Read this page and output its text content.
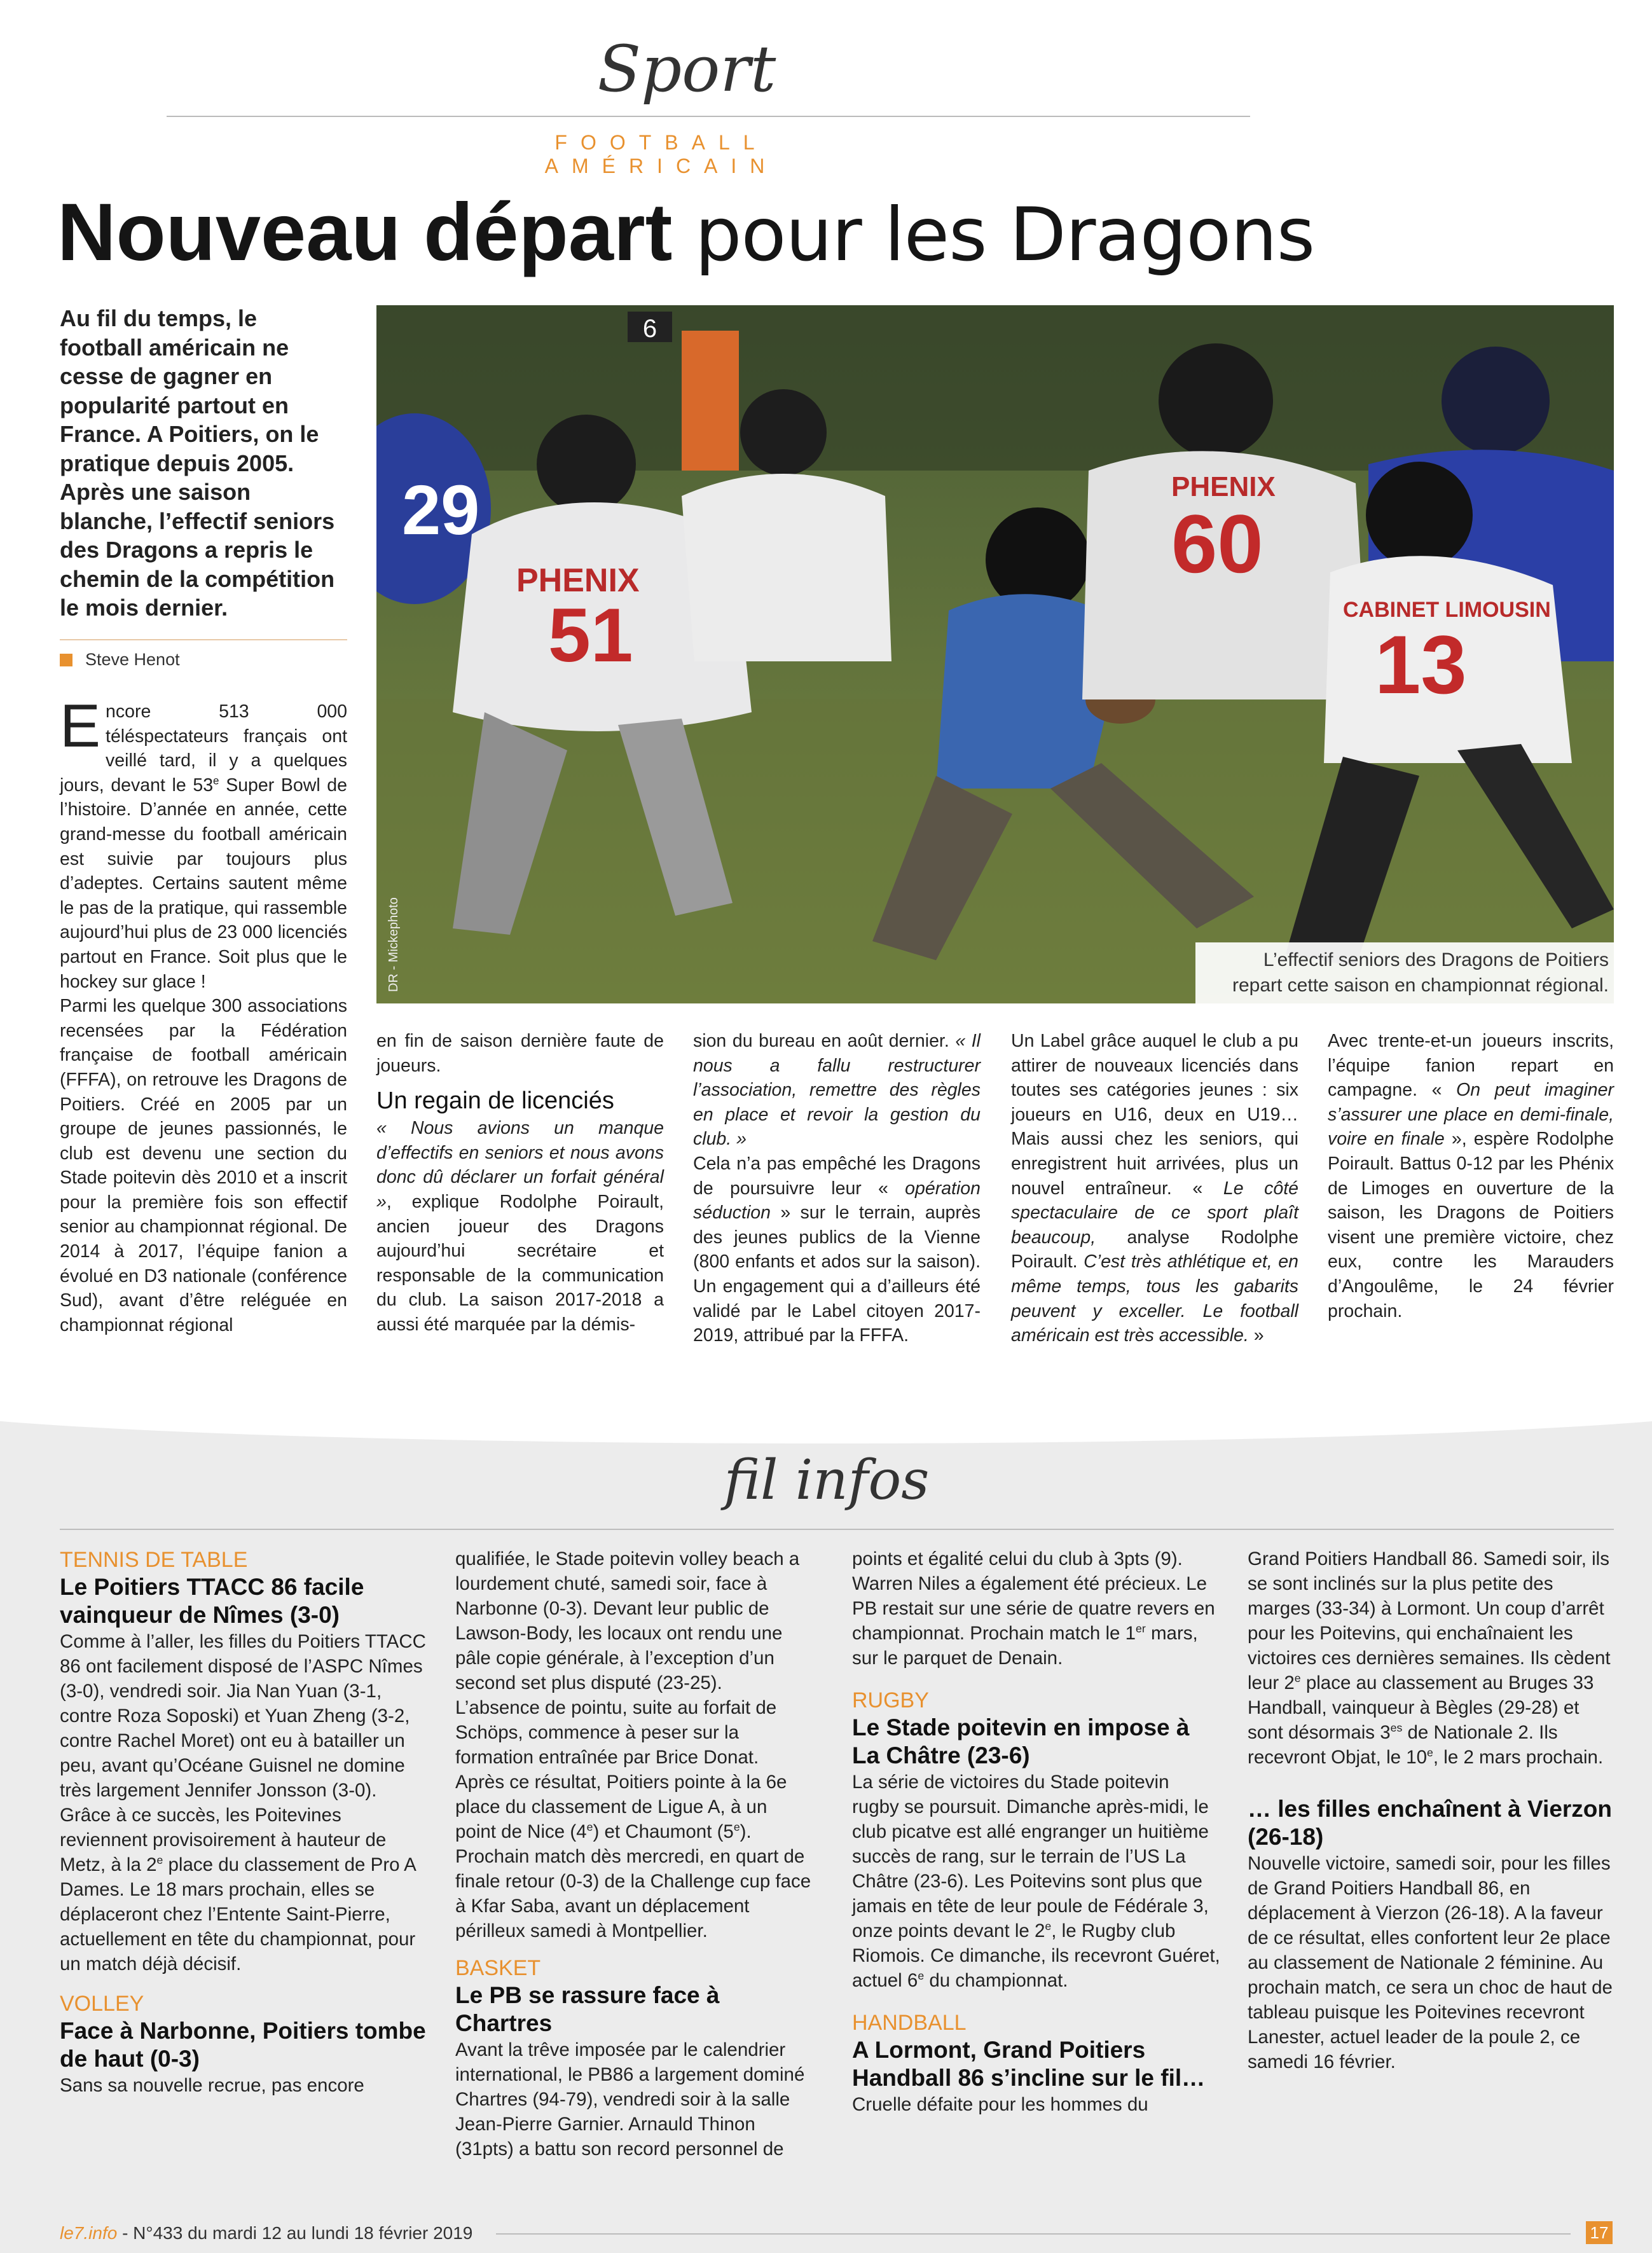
Sport
FOOTBALL AMÉRICAIN
Nouveau départ pour les Dragons
Au fil du temps, le football américain ne cesse de gagner en popularité partout en France. A Poitiers, on le pratique depuis 2005. Après une saison blanche, l’effectif seniors des Dragons a repris le chemin de la compétition le mois dernier.
Steve Henot
6
29
PHENIX
51
PHENIX
60
CABINET LIMOUSIN
13
DR - Mickephoto	L’effectif seniors des Dragons de Poitiers
repart cette saison en championnat régional.

Encore 513 000 téléspectateurs français ont veillé tard, il y a quelques jours, devant le 53e Super Bowl de l’histoire. D’année en année, cette grand-messe du football américain est suivie par toujours plus d’adeptes. Certains sautent même le pas de la pratique, qui rassemble aujourd’hui plus de 23 000 licenciés partout en France. Soit plus que le hockey sur glace !

Parmi les quelque 300 associations recensées par la Fédération française de football américain (FFFA), on retrouve les Dragons de Poitiers. Créé en 2005 par un groupe de jeunes passionnés, le club est devenu une section du Stade poitevin dès 2010 et a inscrit pour la première fois son effectif senior au championnat régional. De 2014 à 2017, l’équipe fanion a évolué en D3 nationale (conférence Sud), avant d’être reléguée en championnat régional

en fin de saison dernière faute de joueurs.

Un regain de licenciés

« Nous avions un manque d’effectifs en seniors et nous avons donc dû déclarer un forfait général », explique Rodolphe Poirault, ancien joueur des Dragons aujourd’hui secrétaire et responsable de la communication du club. La saison 2017-2018 a aussi été marquée par la démis-

sion du bureau en août dernier. « Il nous a fallu restructurer l’association, remettre des règles en place et revoir la gestion du club. »

Cela n’a pas empêché les Dragons de poursuivre leur « opération séduction » sur le terrain, auprès des jeunes publics de la Vienne (800 enfants et ados sur la saison). Un engagement qui a d’ailleurs été validé par le Label citoyen 2017-2019, attribué par la FFFA.

Un Label grâce auquel le club a pu attirer de nouveaux licenciés dans toutes ses catégories jeunes : six joueurs en U16, deux en U19… Mais aussi chez les seniors, qui enregistrent huit arrivées, plus un nouvel entraîneur. « Le côté spectaculaire de ce sport plaît beaucoup, analyse Rodolphe Poirault. C’est très athlétique et, en même temps, tous les gabarits peuvent y exceller. Le football américain est très accessible. »

Avec trente-et-un joueurs inscrits, l’équipe fanion repart en campagne. « On peut imaginer s’assurer une place en demi-finale, voire en finale », espère Rodolphe Poirault. Battus 0-12 par les Phénix de Limoges en ouverture de la saison, les Dragons de Poitiers visent une première victoire, chez eux, contre les Marauders d’Angoulême, le 24 février prochain.

fil infos
TENNIS DE TABLE
Le Poitiers TTACC 86 facile vainqueur de Nîmes (3-0)

Comme à l’aller, les filles du Poitiers TTACC 86 ont facilement disposé de l’ASPC Nîmes (3-0), vendredi soir. Jia Nan Yuan (3-1, contre Roza Soposki) et Yuan Zheng (3-2, contre Rachel Moret) ont eu à batailler un peu, avant qu’Océane Guisnel ne domine très largement Jennifer Jonsson (3-0). Grâce à ce succès, les Poitevines reviennent provisoirement à hauteur de Metz, à la 2e place du classement de Pro A Dames. Le 18 mars prochain, elles se déplaceront chez l’Entente Saint-Pierre, actuellement en tête du championnat, pour un match déjà décisif.

VOLLEY
Face à Narbonne, Poitiers tombe de haut (0-3)

Sans sa nouvelle recrue, pas encore

qualifiée, le Stade poitevin volley beach a lourdement chuté, samedi soir, face à Narbonne (0-3). Devant leur public de Lawson-Body, les locaux ont rendu une pâle copie générale, à l’exception d’un second set plus disputé (23-25). L’absence de pointu, suite au forfait de Schöps, commence à peser sur la formation entraînée par Brice Donat. Après ce résultat, Poitiers pointe à la 6e place du classement de Ligue A, à un point de Nice (4e) et Chaumont (5e). Prochain match dès mercredi, en quart de finale retour (0-3) de la Challenge cup face à Kfar Saba, avant un déplacement périlleux samedi à Montpellier.

BASKET
Le PB se rassure face à Chartres

Avant la trêve imposée par le calendrier international, le PB86 a largement dominé Chartres (94-79), vendredi soir à la salle Jean-Pierre Garnier. Arnauld Thinon (31pts) a battu son record personnel de

points et égalité celui du club à 3pts (9). Warren Niles a également été précieux. Le PB restait sur une série de quatre revers en championnat. Prochain match le 1er mars, sur le parquet de Denain.

RUGBY
Le Stade poitevin en impose à La Châtre (23-6)

La série de victoires du Stade poitevin rugby se poursuit. Dimanche après-midi, le club picatve est allé engranger un huitième succès de rang, sur le terrain de l’US La Châtre (23-6). Les Poitevins sont plus que jamais en tête de leur poule de Fédérale 3, onze points devant le 2e, le Rugby club Riomois. Ce dimanche, ils recevront Guéret, actuel 6e du championnat.

HANDBALL
A Lormont, Grand Poitiers Handball 86 s’incline sur le fil…

Cruelle défaite pour les hommes du

Grand Poitiers Handball 86. Samedi soir, ils se sont inclinés sur la plus petite des marges (33-34) à Lormont. Un coup d’arrêt pour les Poitevins, qui enchaînaient les victoires ces dernières semaines. Ils cèdent leur 2e place au classement au Bruges 33 Handball, vainqueur à Bègles (29-28) et sont désormais $3^{es}$ de Nationale 2. Ils recevront Objat, le 10e, le 2 mars prochain.

… les filles enchaînent à Vierzon (26-18)

Nouvelle victoire, samedi soir, pour les filles de Grand Poitiers Handball 86, en déplacement à Vierzon (26-18). A la faveur de ce résultat, elles confortent leur 2e place au classement de Nationale 2 féminine. Au prochain match, ce sera un choc de haut de tableau puisque les Poitevines recevront Lanester, actuel leader de la poule 2, ce samedi 16 février.

le7.info - N°433 du mardi 12 au lundi 18 février 2019	17
